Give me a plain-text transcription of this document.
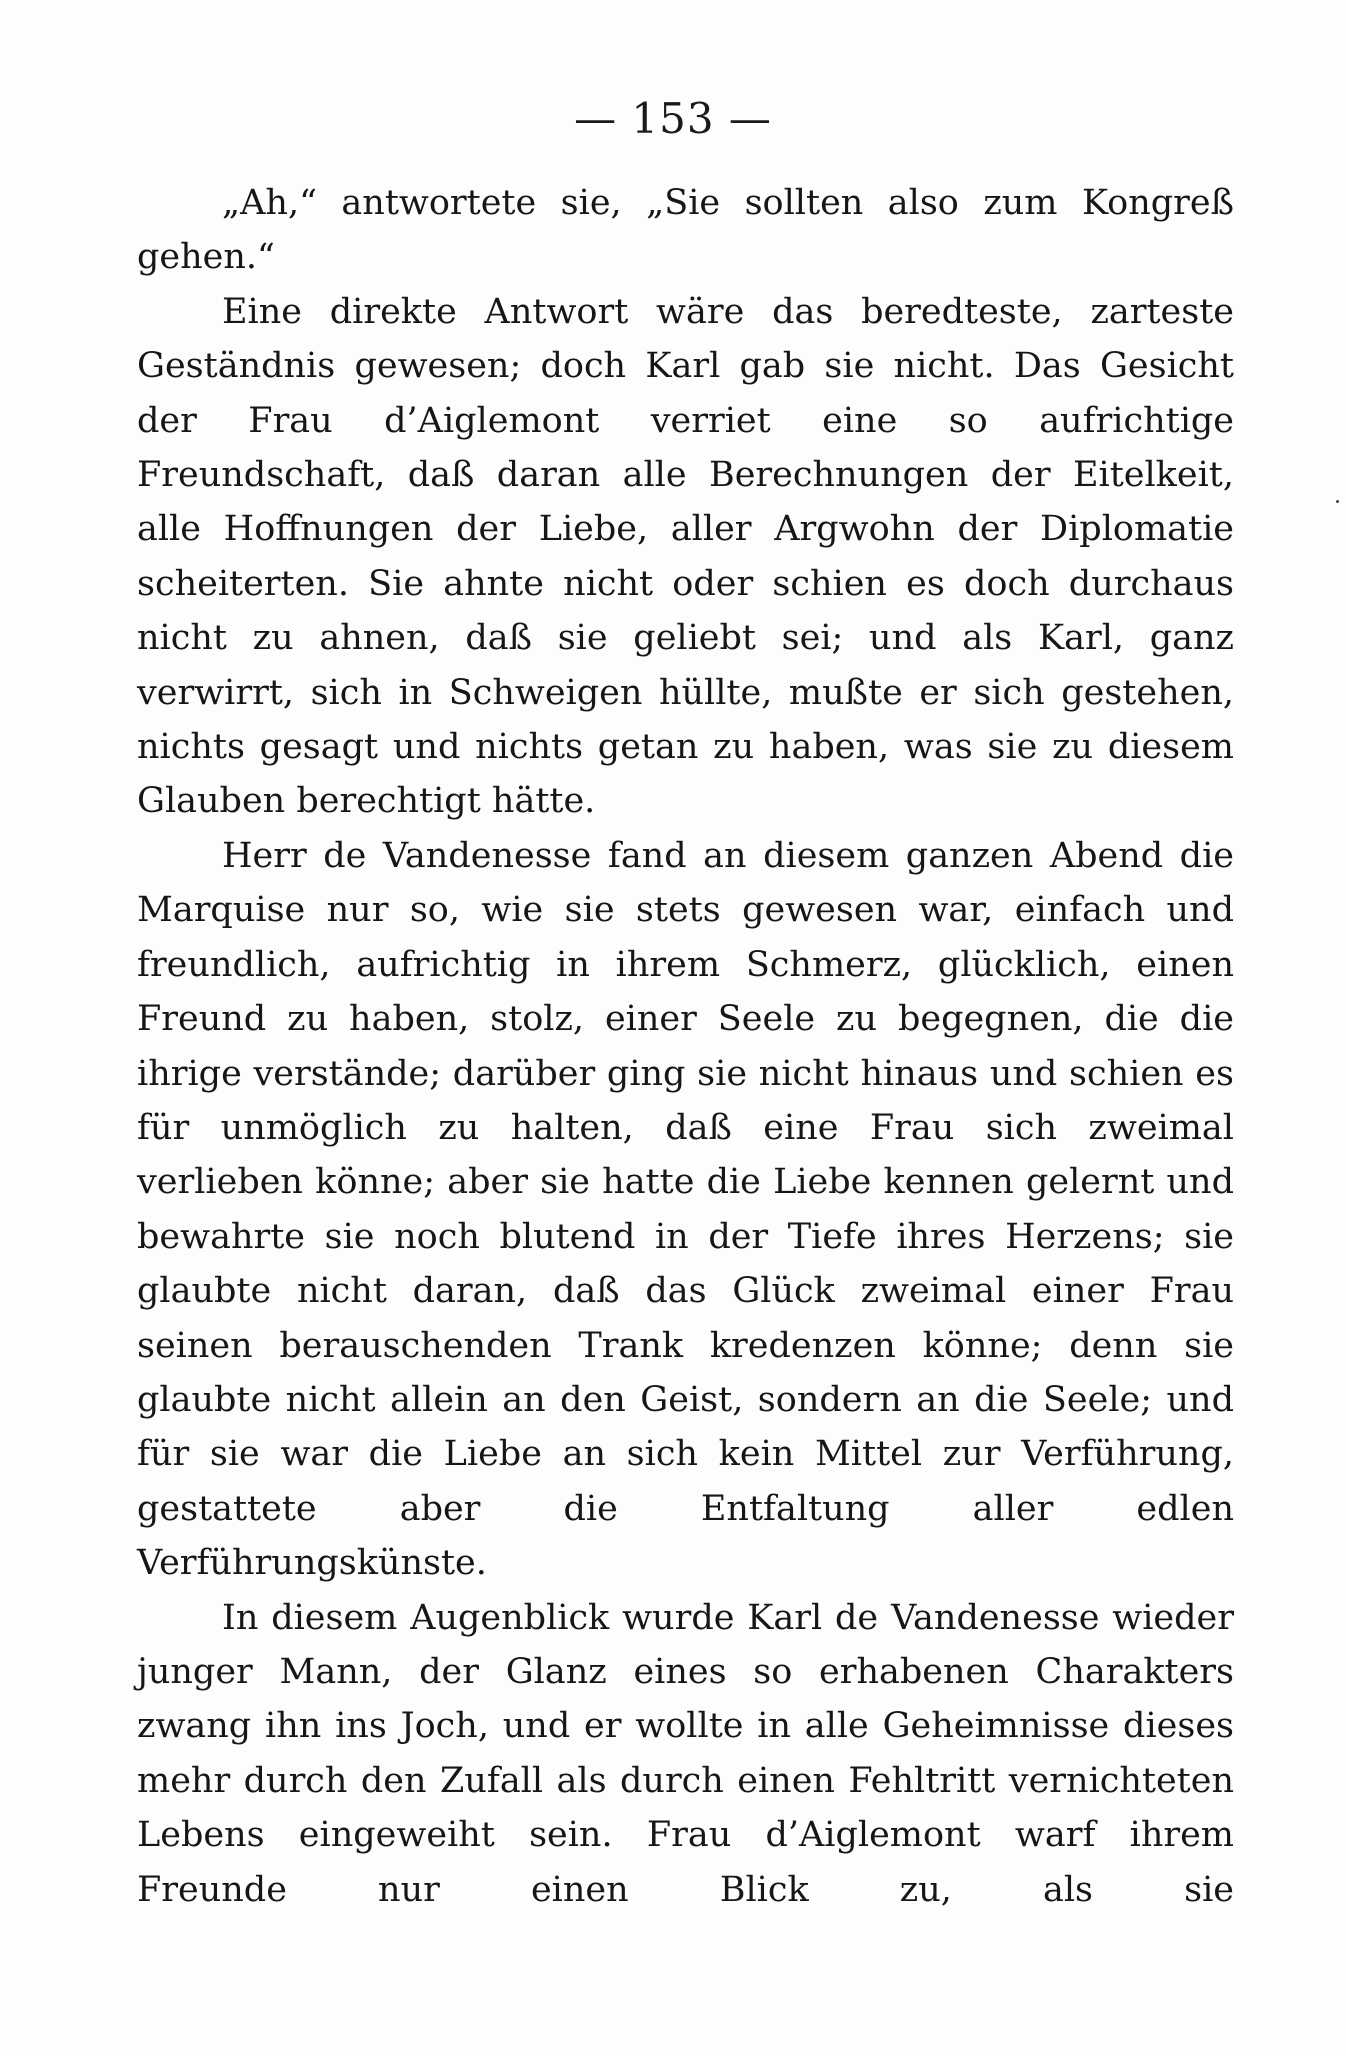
— 153 —

„Ah,“ antwortete sie, „Sie sollten also zum Kongreß gehen.“

Eine direkte Antwort wäre das beredteste, zarteste Geständnis gewesen; doch Karl gab sie nicht. Das Gesicht der Frau d’Aiglemont verriet eine so aufrichtige Freundschaft, daß daran alle Berechnungen der Eitelkeit, alle Hoffnungen der Liebe, aller Argwohn der Diplomatie scheiterten. Sie ahnte nicht oder schien es doch durchaus nicht zu ahnen, daß sie geliebt sei; und als Karl, ganz verwirrt, sich in Schweigen hüllte, mußte er sich gestehen, nichts gesagt und nichts getan zu haben, was sie zu diesem Glauben berechtigt hätte.

Herr de Vandenesse fand an diesem ganzen Abend die Marquise nur so, wie sie stets gewesen war, einfach und freundlich, aufrichtig in ihrem Schmerz, glücklich, einen Freund zu haben, stolz, einer Seele zu begegnen, die die ihrige verstände; darüber ging sie nicht hinaus und schien es für unmöglich zu halten, daß eine Frau sich zweimal verlieben könne; aber sie hatte die Liebe kennen gelernt und bewahrte sie noch blutend in der Tiefe ihres Herzens; sie glaubte nicht daran, daß das Glück zweimal einer Frau seinen berauschenden Trank kredenzen könne; denn sie glaubte nicht allein an den Geist, sondern an die Seele; und für sie war die Liebe an sich kein Mittel zur Verführung, gestattete aber die Entfaltung aller edlen Verführungskünste.

In diesem Augenblick wurde Karl de Vandenesse wieder junger Mann, der Glanz eines so erhabenen Charakters zwang ihn ins Joch, und er wollte in alle Geheimnisse dieses mehr durch den Zufall als durch einen Fehltritt vernichteten Lebens eingeweiht sein. Frau d’Aiglemont warf ihrem Freunde nur einen Blick zu, als sie
